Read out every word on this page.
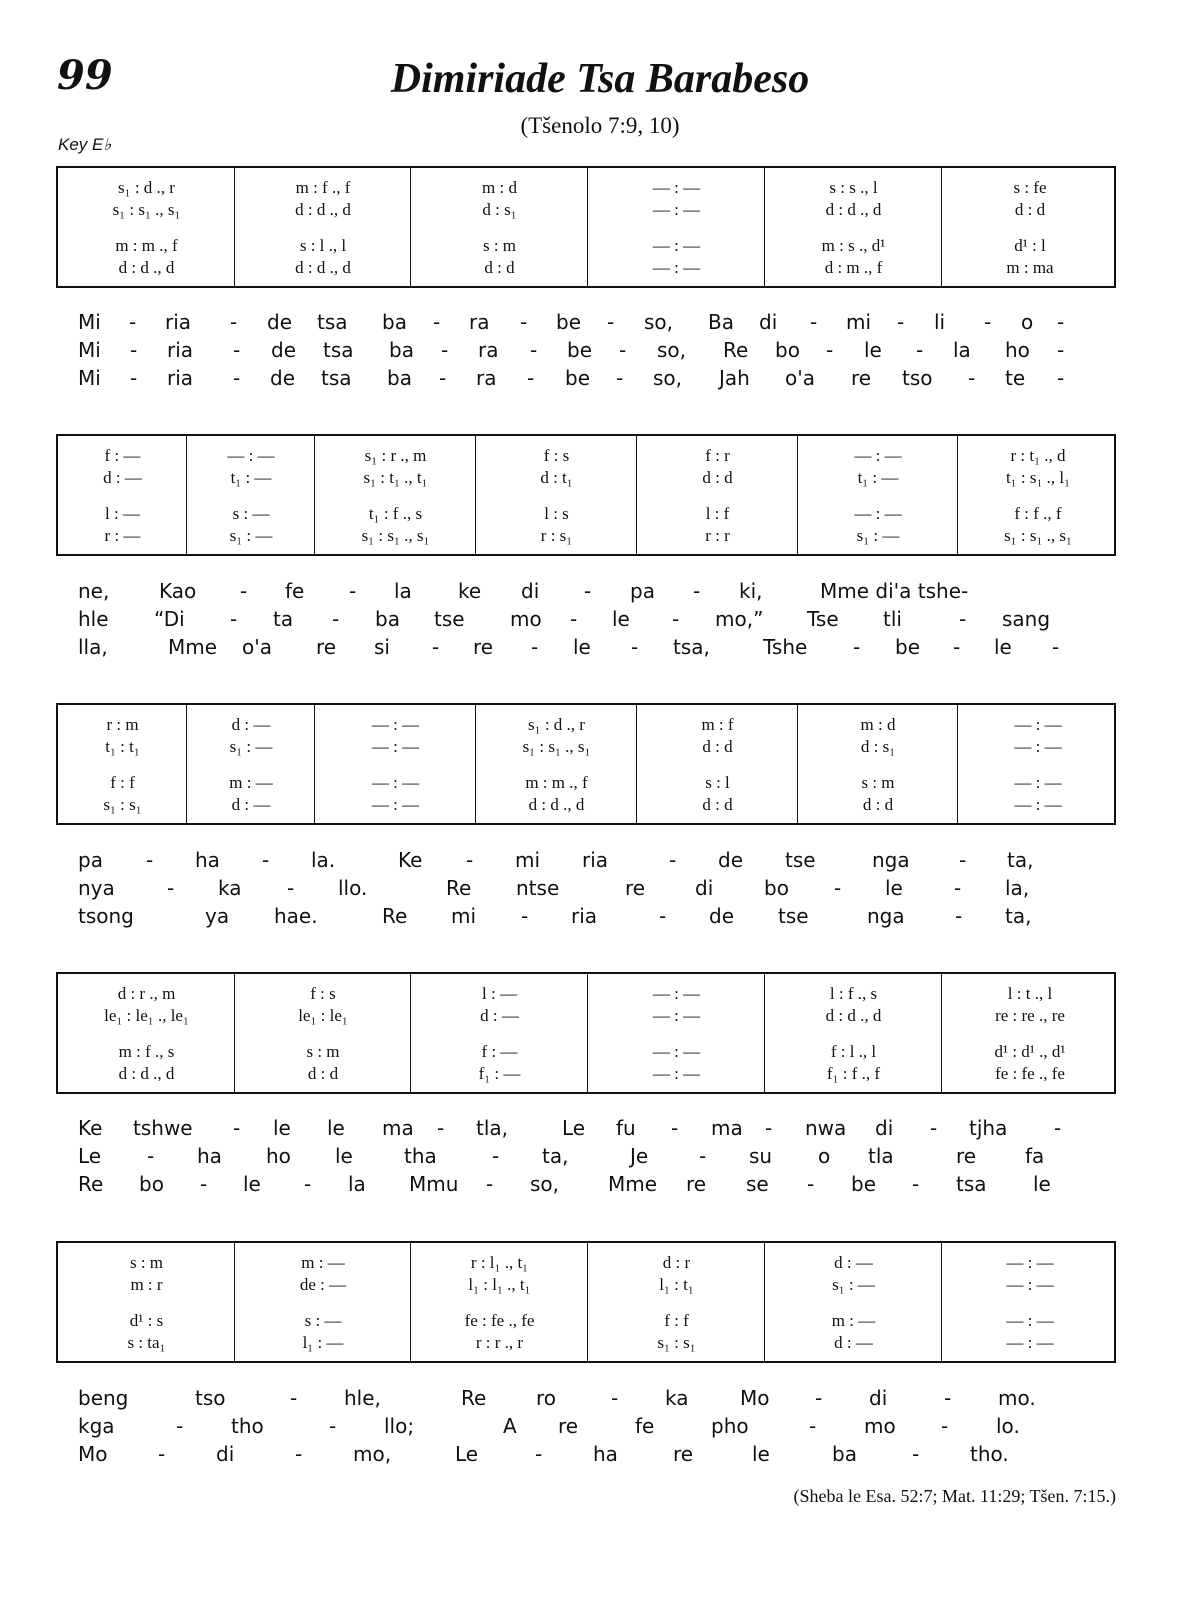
99	Dimiriade Tsa Barabeso
(Tšenolo 7:9, 10)
Key E♭
s₁ : d ., r	m : f ., f	m : d	— : —	s : s ., l	s : fe
s₁ : s₁ ., s₁	d : d ., d	d : s₁	— : —	d : d ., d	d : d
m : m ., f	s : l ., l	s : m	— : —	m : s ., d¹	d¹ : l
d : d ., d	d : d ., d	d : d	— : —	d : m ., f	m : ma
Mi - ria - de tsa ba - ra - be - so, Ba di - mi - li - o -
Mi - ria - de tsa ba - ra - be - so, Re bo - le - la ho -
Mi - ria - de tsa ba - ra - be - so, Jah o'a re tso - te -
f : —	— : —	s₁ : r ., m	f : s	f : r	— : —	r : t₁ ., d
d : —	t₁ : —	s₁ : t₁ ., t₁	d : t₁	d : d	t₁ : —	t₁ : s₁ ., l₁
l : —	s : —	t₁ : f ., s	l : s	l : f	— : —	f : f ., f
r : —	s₁ : —	s₁ : s₁ ., s₁	r : s₁	r : r	s₁ : —	s₁ : s₁ ., s₁
ne, Kao - fe - la ke di - pa - ki,	Mme di'a tshe-
hle “Di - ta - ba tse mo - le - mo,” Tse tli	- sang
lla,	Mme o'a re si - re - le - tsa,	Tshe - be - le -
r : m	d : —	— : —	s₁ : d ., r	m : f	m : d	— : —
t₁ : t₁	s₁ : —	— : —	s₁ : s₁ ., s₁	d : d	d : s₁	— : —
f : f	m : —	— : —	m : m ., f	s : l	s : m	— : —
s₁ : s₁	d : —	— : —	d : d ., d	d : d	d : d	— : —
pa - ha - la.	Ke - mi ria	- de tse	nga - ta,
nya	- ka - llo.	Re ntse	re di	bo - le	- la,
tsong	ya hae.	Re mi - ria	- de tse	nga	- ta,
d : r ., m	f : s	l : —	— : —	l : f ., s	l : t ., l
le₁ : le₁ ., le₁	le₁ : le₁	d : —	— : —	d : d ., d	re : re ., re
m : f ., s	s : m	f : —	— : —	f : l ., l	d¹ : d¹ ., d¹
d : d ., d	d : d	f₁ : —	— : —	f₁ : f ., f	fe : fe ., fe
Ke tshwe - le le ma - tla,	Le fu - ma - nwa di - tjha -
Le - ha ho le	tha	- ta,	Je	- su o tla	re fa
Re bo - le - la Mmu - so, Mme re se - be - tsa le
s : m	m : —	r : l₁ ., t₁	d : r	d : —	— : —
m : r	de : —	l₁ : l₁ ., t₁	l₁ : t₁	s₁ : —	— : —
d¹ : s	s : —	fe : fe ., fe	f : f	m : —	— : —
s : ta₁	l₁ : —	r : r ., r	s₁ : s₁	d : —	— : —
beng	tso	- hle,	Re ro	- ka	Mo - di	- mo.
kga	- tho	- llo;	A re	fe	pho	- mo - lo.
Mo	-	di	-	mo,	Le	-	ha	re	le	ba	-	tho.
(Sheba le Esa. 52:7; Mat. 11:29; Tšen. 7:15.)
